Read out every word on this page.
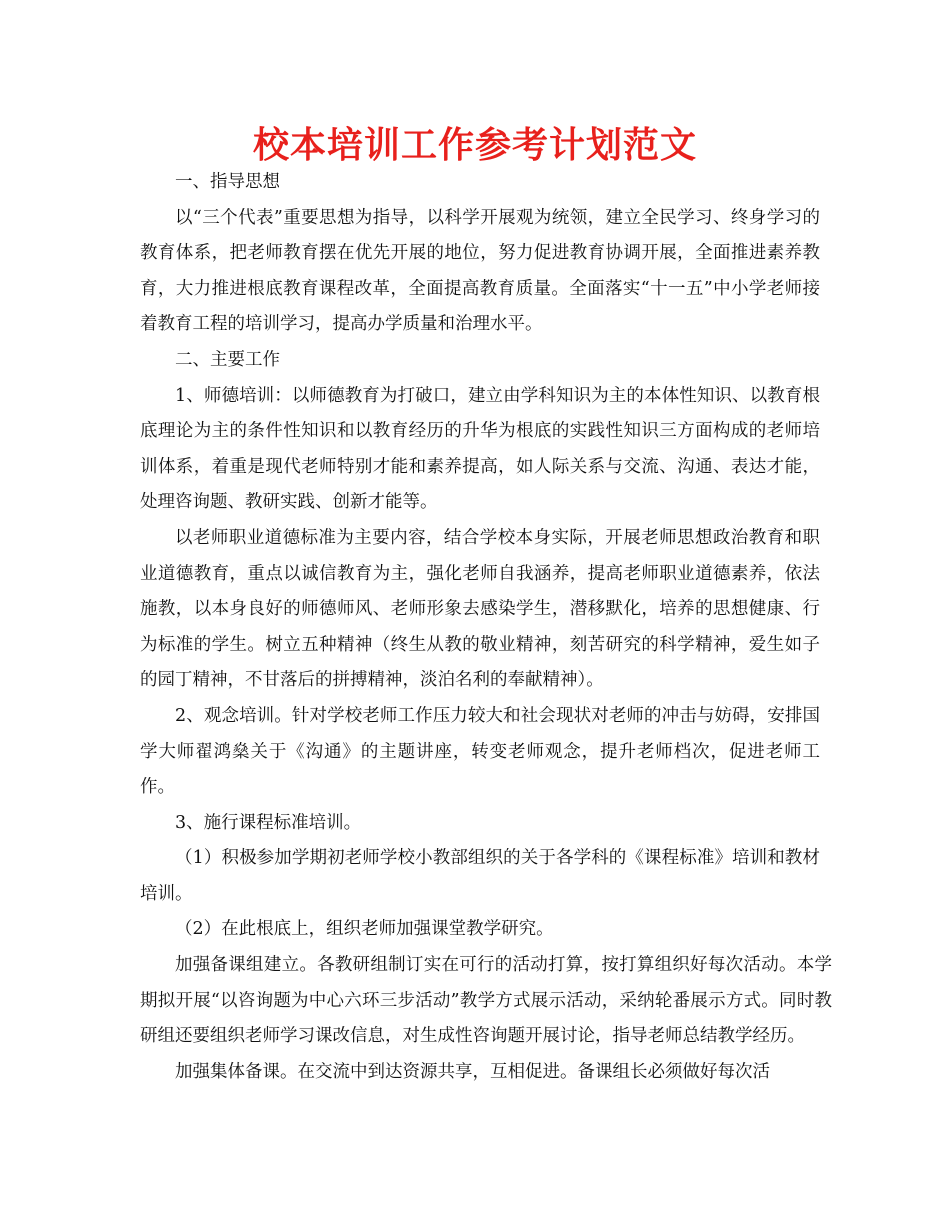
校本培训工作参考计划范文

一、指导思想

以“三个代表”重要思想为指导，以科学开展观为统领，建立全民学习、终身学习的教育体系，把老师教育摆在优先开展的地位，努力促进教育协调开展，全面推进素养教育，大力推进根底教育课程改革，全面提高教育质量。全面落实“十一五”中小学老师接着教育工程的培训学习，提高办学质量和治理水平。

二、主要工作

1、师德培训：以师德教育为打破口，建立由学科知识为主的本体性知识、以教育根底理论为主的条件性知识和以教育经历的升华为根底的实践性知识三方面构成的老师培训体系，着重是现代老师特别才能和素养提高，如人际关系与交流、沟通、表达才能，处理咨询题、教研实践、创新才能等。

以老师职业道德标准为主要内容，结合学校本身实际，开展老师思想政治教育和职业道德教育，重点以诚信教育为主，强化老师自我涵养，提高老师职业道德素养，依法施教，以本身良好的师德师风、老师形象去感染学生，潜移默化，培养的思想健康、行为标准的学生。树立五种精神（终生从教的敬业精神，刻苦研究的科学精神，爱生如子的园丁精神，不甘落后的拼搏精神，淡泊名利的奉献精神）。

2、观念培训。针对学校老师工作压力较大和社会现状对老师的冲击与妨碍，安排国学大师翟鸿燊关于《沟通》的主题讲座，转变老师观念，提升老师档次，促进老师工作。

3、施行课程标准培训。

（1）积极参加学期初老师学校小教部组织的关于各学科的《课程标准》培训和教材培训。

（2）在此根底上，组织老师加强课堂教学研究。

加强备课组建立。各教研组制订实在可行的活动打算，按打算组织好每次活动。本学期拟开展“以咨询题为中心六环三步活动”教学方式展示活动，采纳轮番展示方式。同时教研组还要组织老师学习课改信息，对生成性咨询题开展讨论，指导老师总结教学经历。

加强集体备课。在交流中到达资源共享，互相促进。备课组长必须做好每次活
